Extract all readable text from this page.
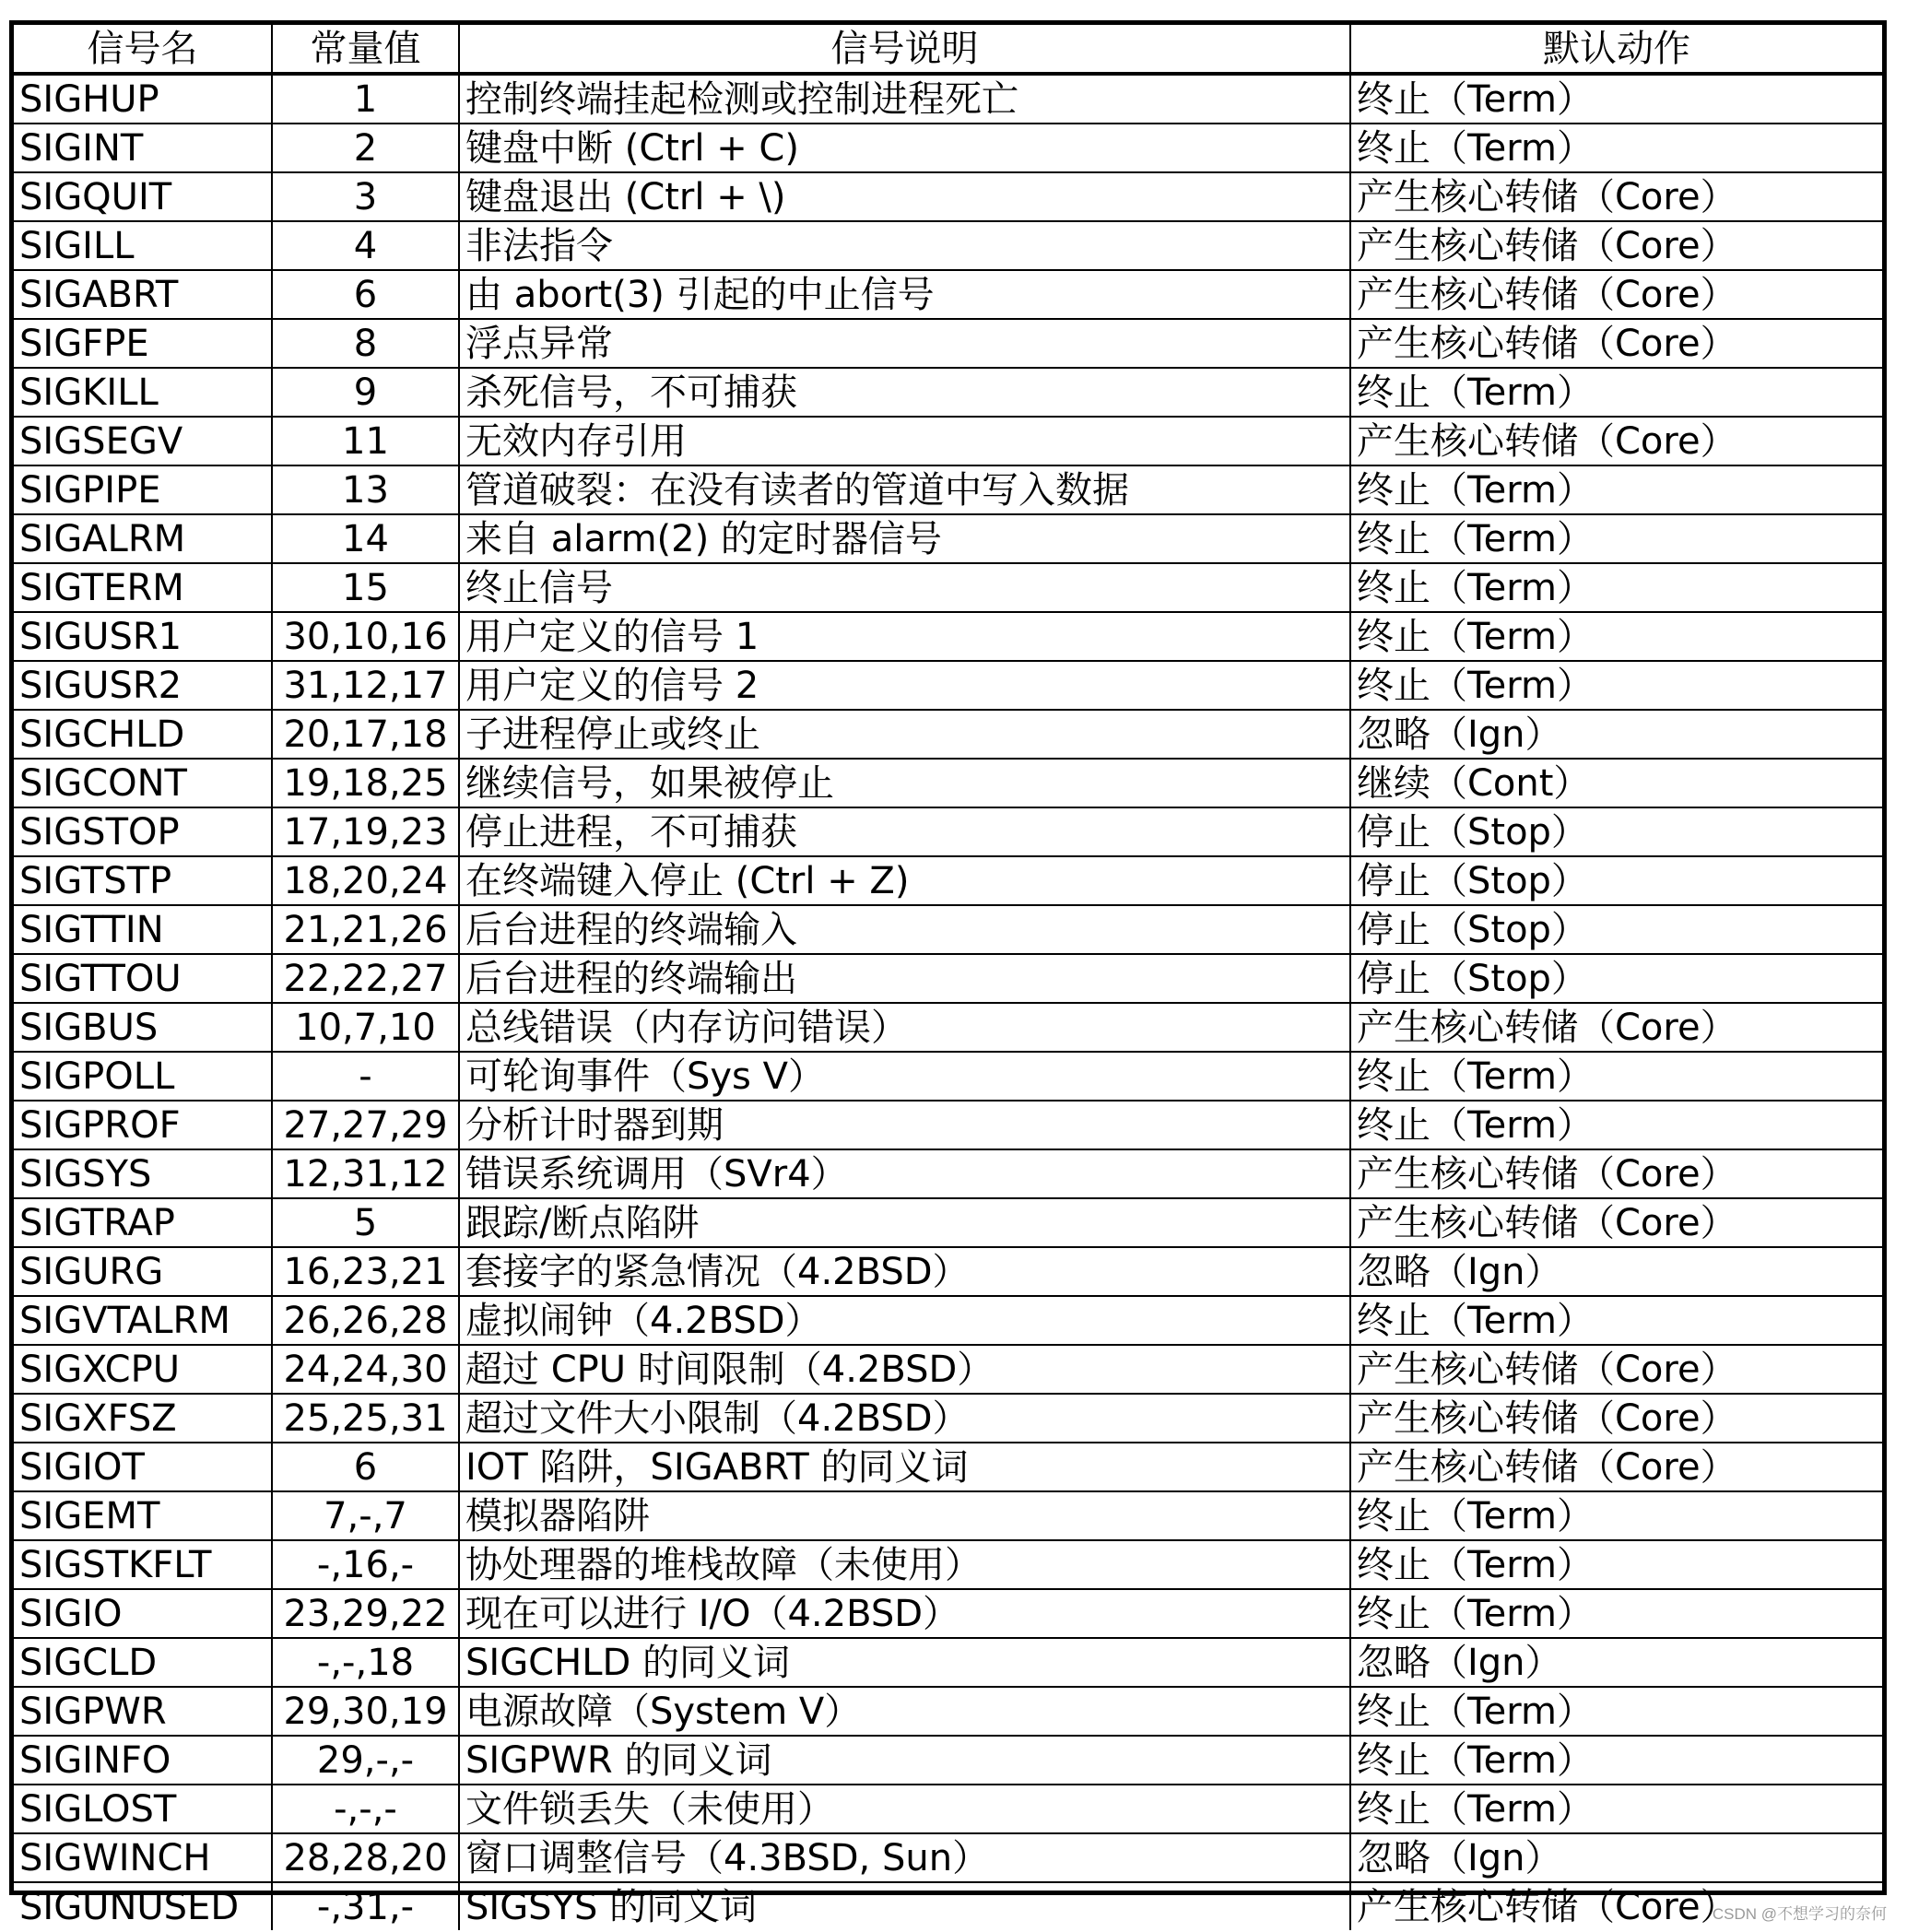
信号名	常量值	信号说明	默认动作
SIGHUP	1	控制终端挂起检测或控制进程死亡	终止（Term）
SIGINT	2	键盘中断 (Ctrl + C)	终止（Term）
SIGQUIT	3	键盘退出 (Ctrl + \)	产生核心转储（Core）
SIGILL	4	非法指令	产生核心转储（Core）
SIGABRT	6	由 abort(3) 引起的中止信号	产生核心转储（Core）
SIGFPE	8	浮点异常	产生核心转储（Core）
SIGKILL	9	杀死信号，不可捕获	终止（Term）
SIGSEGV	11	无效内存引用	产生核心转储（Core）
SIGPIPE	13	管道破裂：在没有读者的管道中写入数据	终止（Term）
SIGALRM	14	来自 alarm(2) 的定时器信号	终止（Term）
SIGTERM	15	终止信号	终止（Term）
SIGUSR1	30,10,16	用户定义的信号 1	终止（Term）
SIGUSR2	31,12,17	用户定义的信号 2	终止（Term）
SIGCHLD	20,17,18	子进程停止或终止	忽略（Ign）
SIGCONT	19,18,25	继续信号，如果被停止	继续（Cont）
SIGSTOP	17,19,23	停止进程，不可捕获	停止（Stop）
SIGTSTP	18,20,24	在终端键入停止 (Ctrl + Z)	停止（Stop）
SIGTTIN	21,21,26	后台进程的终端输入	停止（Stop）
SIGTTOU	22,22,27	后台进程的终端输出	停止（Stop）
SIGBUS	10,7,10	总线错误（内存访问错误）	产生核心转储（Core）
SIGPOLL	-	可轮询事件（Sys V）	终止（Term）
SIGPROF	27,27,29	分析计时器到期	终止（Term）
SIGSYS	12,31,12	错误系统调用（SVr4）	产生核心转储（Core）
SIGTRAP	5	跟踪/断点陷阱	产生核心转储（Core）
SIGURG	16,23,21	套接字的紧急情况（4.2BSD）	忽略（Ign）
SIGVTALRM	26,26,28	虚拟闹钟（4.2BSD）	终止（Term）
SIGXCPU	24,24,30	超过 CPU 时间限制（4.2BSD）	产生核心转储（Core）
SIGXFSZ	25,25,31	超过文件大小限制（4.2BSD）	产生核心转储（Core）
SIGIOT	6	IOT 陷阱，SIGABRT 的同义词	产生核心转储（Core）
SIGEMT	7,-,7	模拟器陷阱	终止（Term）
SIGSTKFLT	-,16,-	协处理器的堆栈故障（未使用）	终止（Term）
SIGIO	23,29,22	现在可以进行 I/O（4.2BSD）	终止（Term）
SIGCLD	-,-,18	SIGCHLD 的同义词	忽略（Ign）
SIGPWR	29,30,19	电源故障（System V）	终止（Term）
SIGINFO	29,-,-	SIGPWR 的同义词	终止（Term）
SIGLOST	-,-,-	文件锁丢失（未使用）	终止（Term）
SIGWINCH	28,28,20	窗口调整信号（4.3BSD, Sun）	忽略（Ign）
SIGUNUSED	-,31,-	SIGSYS 的同义词	产生核心转储（Core）
CSDN @不想学习的奈何
